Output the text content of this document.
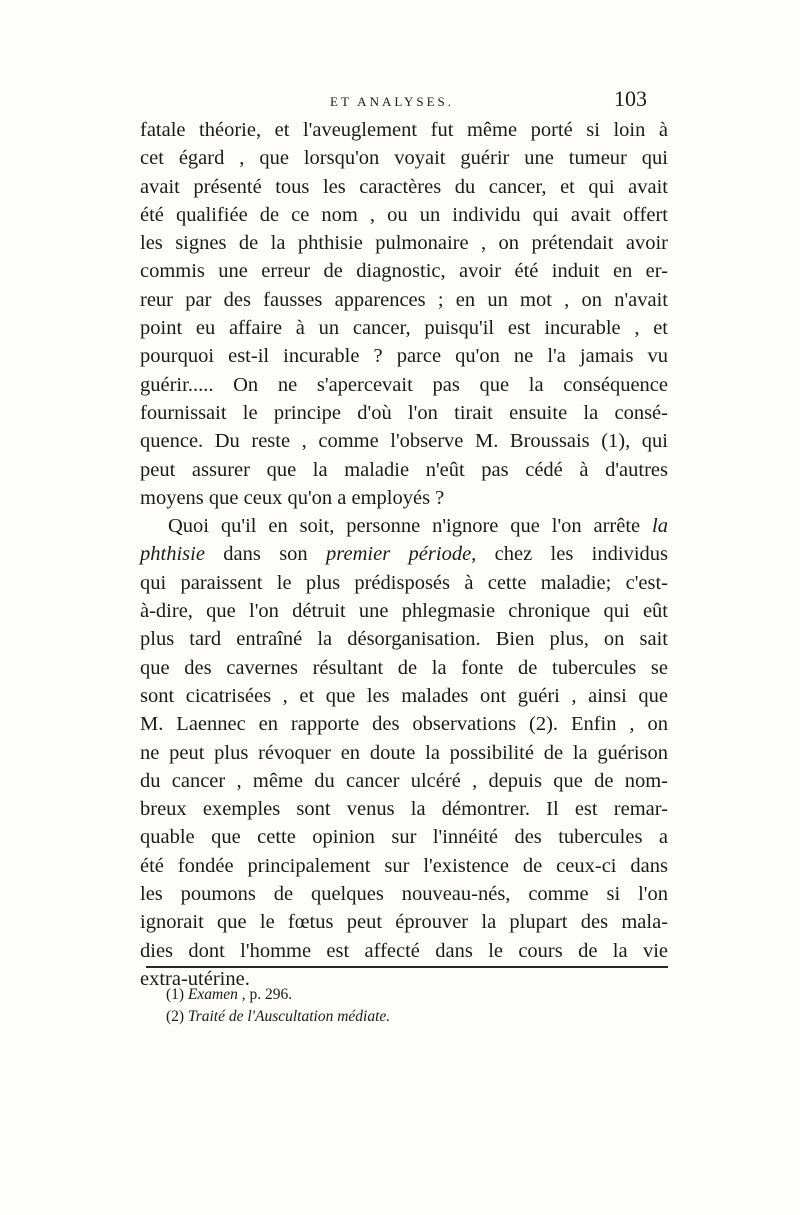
ET ANALYSES.	103
fatale théorie, et l'aveuglement fut même porté si loin à
cet égard , que lorsqu'on voyait guérir une tumeur qui
avait présenté tous les caractères du cancer, et qui avait
été qualifiée de ce nom , ou un individu qui avait offert
les signes de la phthisie pulmonaire , on prétendait avoir
commis une erreur de diagnostic, avoir été induit en er-
reur par des fausses apparences ; en un mot , on n'avait
point eu affaire à un cancer, puisqu'il est incurable , et
pourquoi est-il incurable ? parce qu'on ne l'a jamais vu
guérir..... On ne s'apercevait pas que la conséquence
fournissait le principe d'où l'on tirait ensuite la consé-
quence. Du reste , comme l'observe M. Broussais (1), qui
peut assurer que la maladie n'eût pas cédé à d'autres
moyens que ceux qu'on a employés ?
Quoi qu'il en soit, personne n'ignore que l'on arrête la
phthisie dans son premier période, chez les individus
qui paraissent le plus prédisposés à cette maladie; c'est-
à-dire, que l'on détruit une phlegmasie chronique qui eût
plus tard entraîné la désorganisation. Bien plus, on sait
que des cavernes résultant de la fonte de tubercules se
sont cicatrisées , et que les malades ont guéri , ainsi que
M. Laennec en rapporte des observations (2). Enfin , on
ne peut plus révoquer en doute la possibilité de la guérison
du cancer , même du cancer ulcéré , depuis que de nom-
breux exemples sont venus la démontrer. Il est remar-
quable que cette opinion sur l'innéité des tubercules a
été fondée principalement sur l'existence de ceux-ci dans
les poumons de quelques nouveau-nés, comme si l'on
ignorait que le fœtus peut éprouver la plupart des mala-
dies dont l'homme est affecté dans le cours de la vie
extra-utérine.
(1) Examen , p. 296.
(2) Traité de l'Auscultation médiate.
